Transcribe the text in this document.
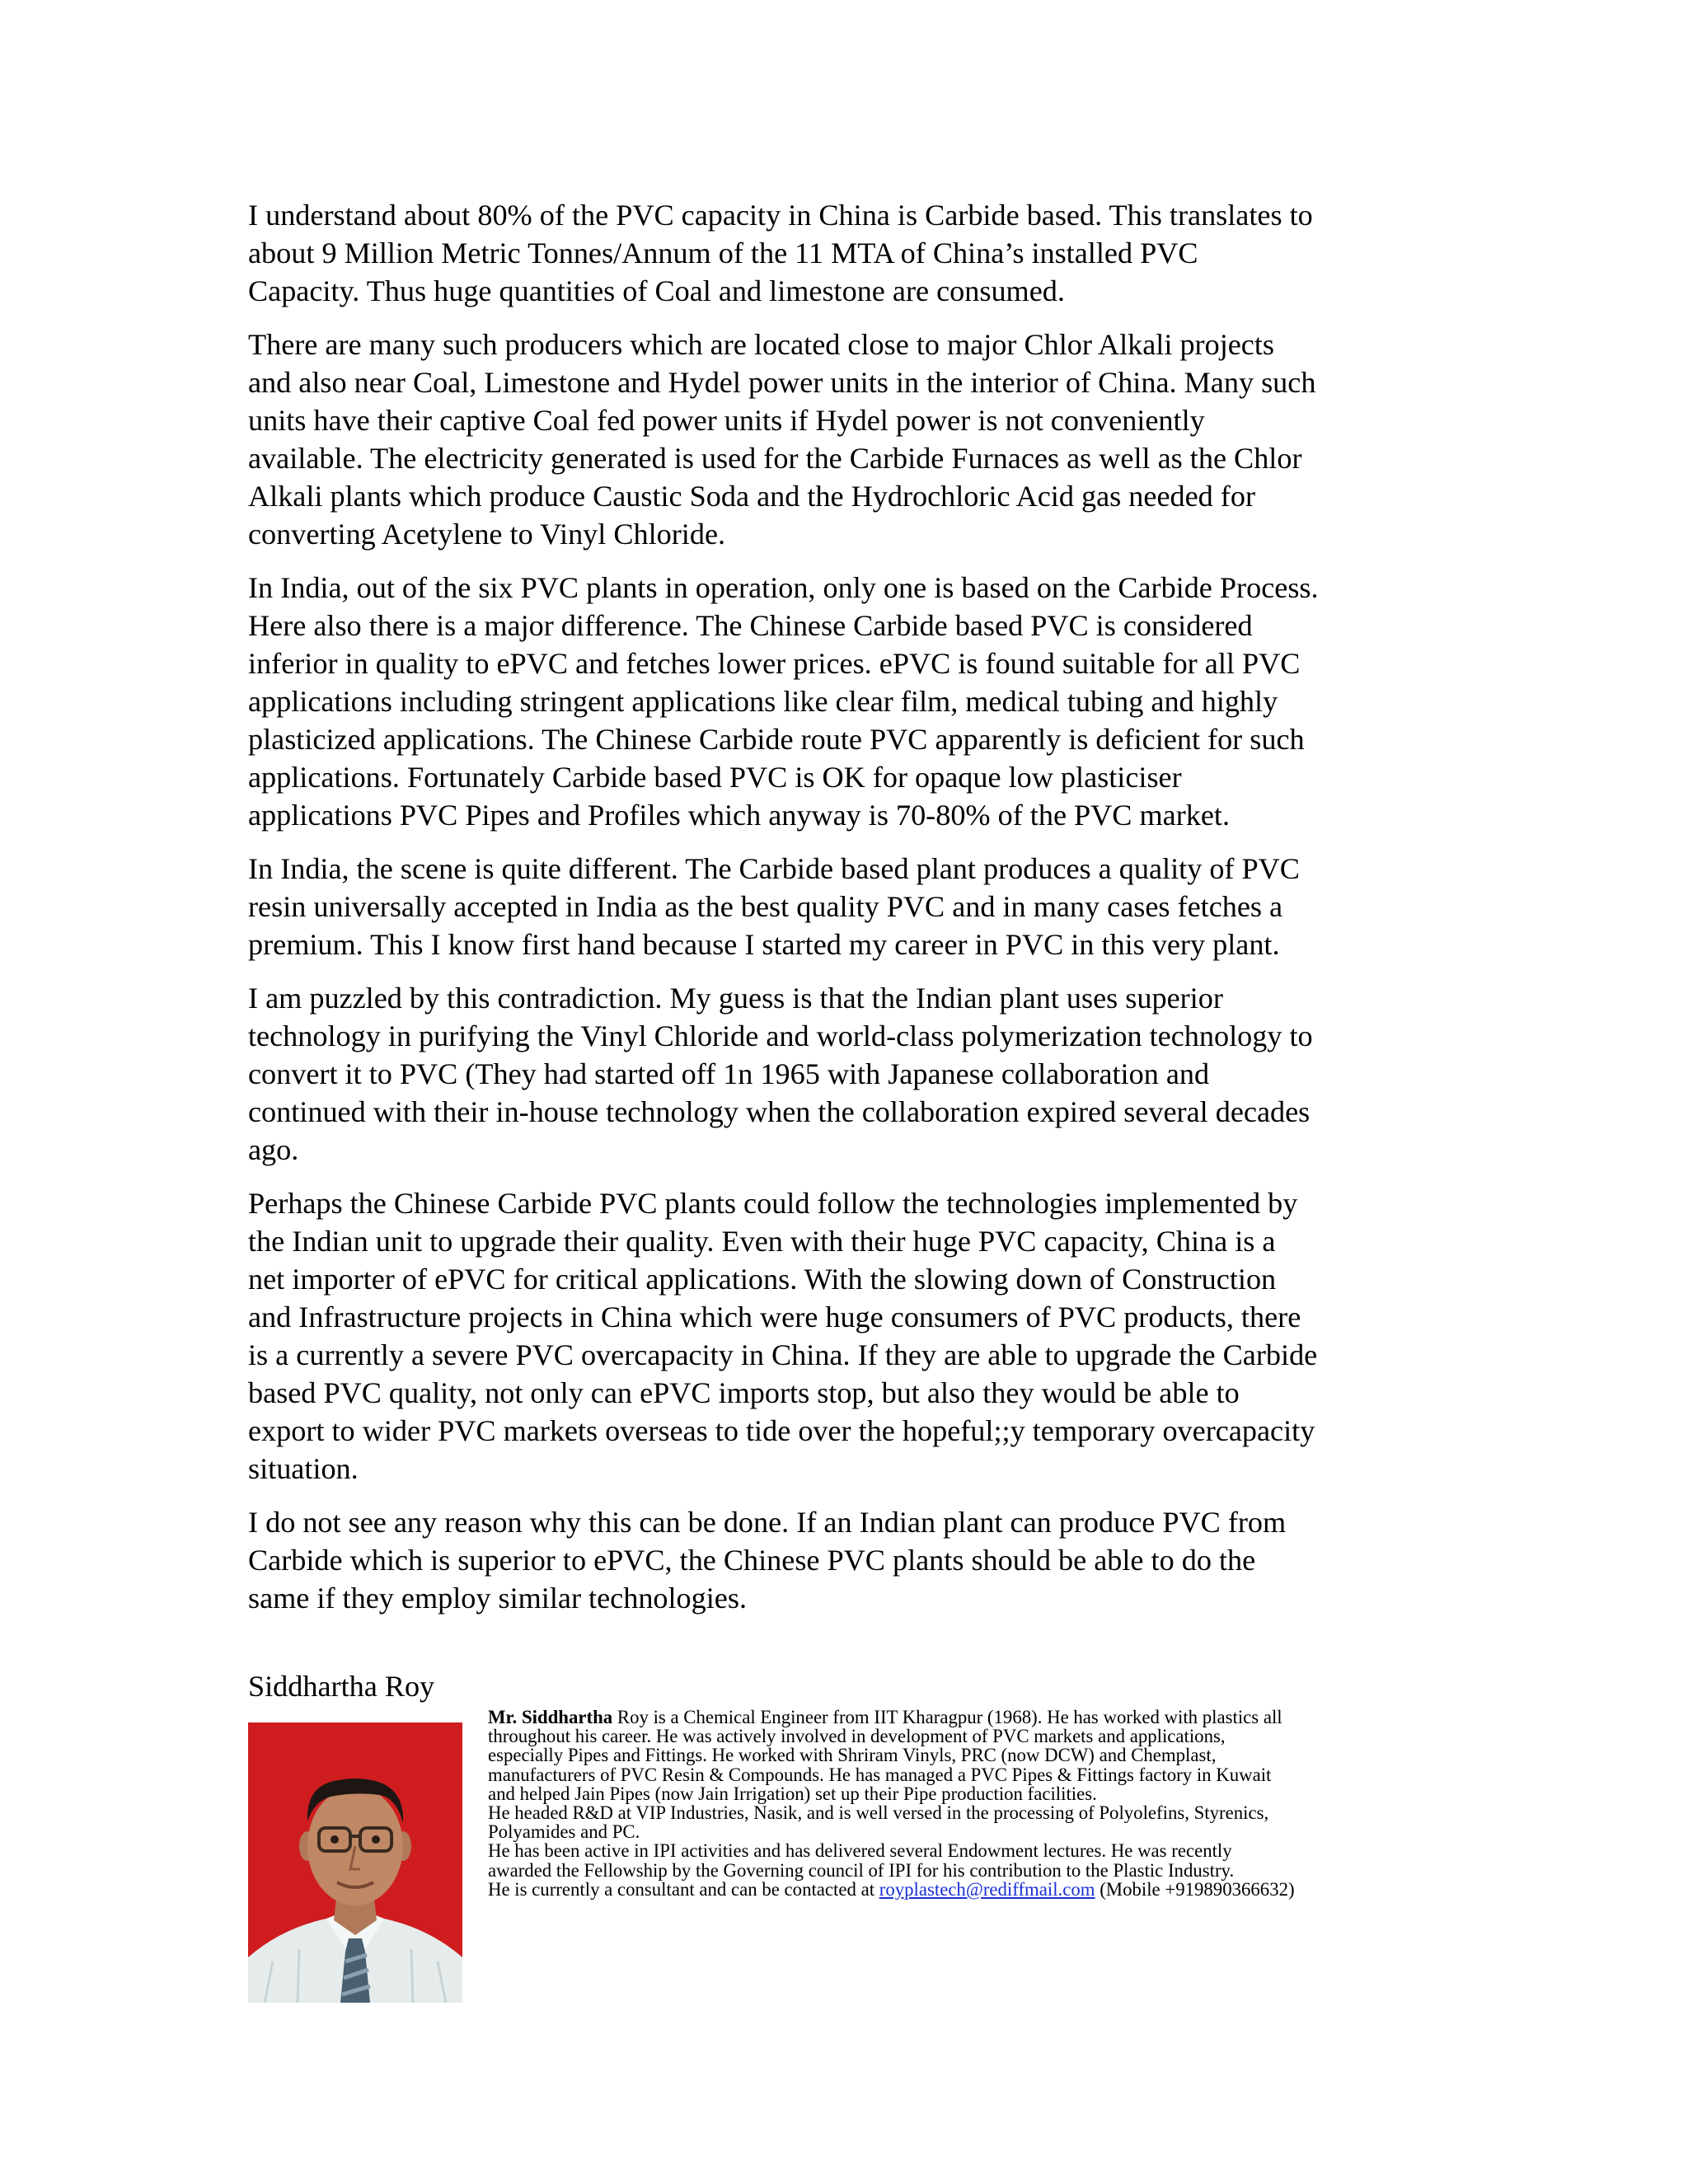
I understand about 80% of the PVC capacity in China is Carbide based. This translates to
about 9 Million Metric Tonnes/Annum of the 11 MTA of China’s installed PVC
Capacity. Thus huge quantities of Coal and limestone are consumed.

There are many such producers which are located close to major Chlor Alkali projects
and also near Coal, Limestone and Hydel power units in the interior of China. Many such
units have their captive Coal fed power units if Hydel power is not conveniently
available. The electricity generated is used for the Carbide Furnaces as well as the Chlor
Alkali plants which produce Caustic Soda and the Hydrochloric Acid gas needed for
converting Acetylene to Vinyl Chloride.

In India, out of the six PVC plants in operation, only one is based on the Carbide Process.
Here also there is a major difference. The Chinese Carbide based PVC is considered
inferior in quality to ePVC and fetches lower prices. ePVC is found suitable for all PVC
applications including stringent applications like clear film, medical tubing and highly
plasticized applications. The Chinese Carbide route PVC apparently is deficient for such
applications. Fortunately Carbide based PVC is OK for opaque low plasticiser
applications PVC Pipes and Profiles which anyway is 70-80% of the PVC market.

In India, the scene is quite different. The Carbide based plant produces a quality of PVC
resin universally accepted in India as the best quality PVC and in many cases fetches a
premium. This I know first hand because I started my career in PVC in this very plant.

I am puzzled by this contradiction. My guess is that the Indian plant uses superior
technology in purifying the Vinyl Chloride and world-class polymerization technology to
convert it to PVC (They had started off 1n 1965 with Japanese collaboration and
continued with their in-house technology when the collaboration expired several decades
ago.

Perhaps the Chinese Carbide PVC plants could follow the technologies implemented by
the Indian unit to upgrade their quality. Even with their huge PVC capacity, China is a
net importer of ePVC for critical applications. With the slowing down of Construction
and Infrastructure projects in China which were huge consumers of PVC products, there
is a currently a severe PVC overcapacity in China. If they are able to upgrade the Carbide
based PVC quality, not only can ePVC imports stop, but also they would be able to
export to wider PVC markets overseas to tide over the hopeful;;y temporary overcapacity
situation.

I do not see any reason why this can be done. If an Indian plant can produce PVC from
Carbide which is superior to ePVC, the Chinese PVC plants should be able to do the
same if they employ similar technologies.

Siddhartha Roy
Mr. Siddhartha Roy is a Chemical Engineer from IIT Kharagpur (1968). He has worked with plastics all
throughout his career. He was actively involved in development of PVC markets and applications,
especially Pipes and Fittings. He worked with Shriram Vinyls, PRC (now DCW) and Chemplast,
manufacturers of PVC Resin & Compounds. He has managed a PVC Pipes & Fittings factory in Kuwait
and helped Jain Pipes (now Jain Irrigation) set up their Pipe production facilities.
He headed R&D at VIP Industries, Nasik, and is well versed in the processing of Polyolefins, Styrenics,
Polyamides and PC.
He has been active in IPI activities and has delivered several Endowment lectures. He was recently
awarded the Fellowship by the Governing council of IPI for his contribution to the Plastic Industry.
He is currently a consultant and can be contacted at royplastech@rediffmail.com (Mobile +919890366632)
